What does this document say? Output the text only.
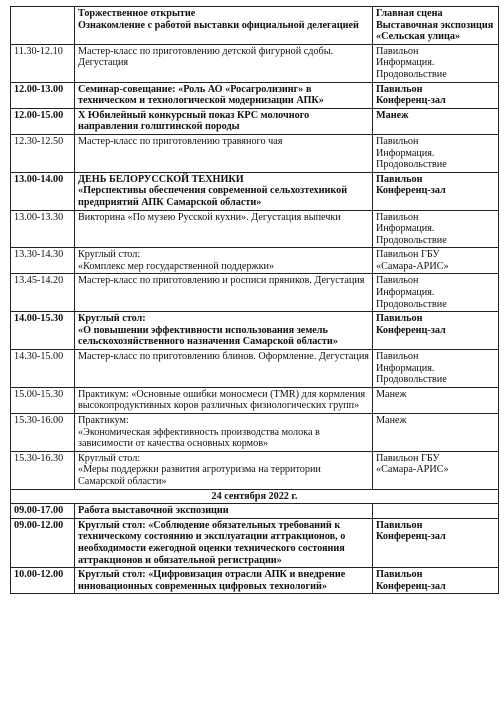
	Торжественное открытие
Ознакомление с работой выставки официальной делегацией	Главная сцена
Выставочная экспозиция
«Сельская улица»

11.30-12.10	Мастер-класс по приготовлению детской фигурной сдобы. Дегустация	Павильон
Информация.
Продовольствие

12.00-13.00	Семинар-совещание: «Роль АО «Росагролизинг» в техническом и технологической модернизации АПК»	Павильон
Конференц-зал

12.00-15.00	X Юбилейный конкурсный показ КРС молочного направления голштинской породы	Манеж

12.30-12.50	Мастер-класс по приготовлению травяного чая	Павильон
Информация.
Продовольствие

13.00-14.00	ДЕНЬ БЕЛОРУССКОЙ ТЕХНИКИ
«Перспективы обеспечения современной сельхозтехникой предприятий АПК Самарской области»	Павильон
Конференц-зал

13.00-13.30	Викторина «По музею Русской кухни». Дегустация выпечки	Павильон
Информация.
Продовольствие

13.30-14.30	Круглый стол:
«Комплекс мер государственной поддержки»	Павильон ГБУ
«Самара-АРИС»

13.45-14.20	Мастер-класс по приготовлению и росписи пряников. Дегустация	Павильон
Информация.
Продовольствие

14.00-15.30	Круглый стол:
«О повышении эффективности использования земель сельскохозяйственного назначения Самарской области»	Павильон
Конференц-зал

14.30-15.00	Мастер-класс по приготовлению блинов. Оформление. Дегустация	Павильон
Информация.
Продовольствие

15.00-15.30	Практикум: «Основные ошибки моносмеси (TMR) для кормления высокопродуктивных коров различных физиологических групп»	Манеж

15.30-16.00	Практикум:
«Экономическая эффективность производства молока в зависимости от качества основных кормов»	Манеж

15.30-16.30	Круглый стол:
«Меры поддержки развития агротуризма на территории Самарской области»	Павильон ГБУ
«Самара-АРИС»

24 сентября 2022 г.		
09.00-17.00	Работа выставочной экспозиции	

09.00-12.00	Круглый стол: «Соблюдение обязательных требований к техническому состоянию и эксплуатации аттракционов, о необходимости ежегодной оценки технического состояния аттракционов и обязательной регистрации»	Павильон
Конференц-зал

10.00-12.00	Круглый стол: «Цифровизация отрасли АПК и внедрение инновационных современных цифровых технологий»	Павильон
Конференц-зал
